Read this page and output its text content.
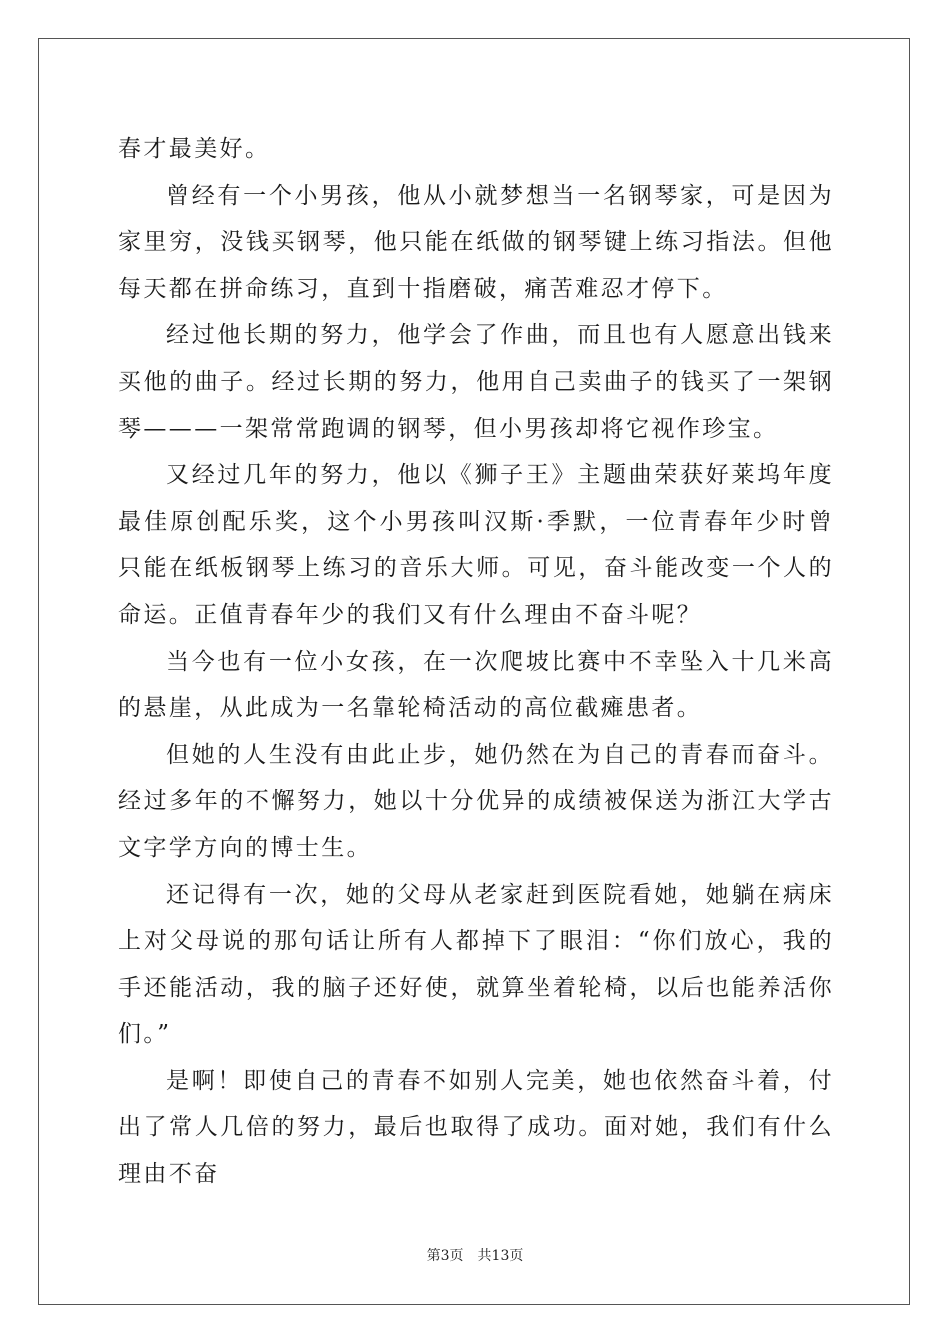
春才最美好。

曾经有一个小男孩，他从小就梦想当一名钢琴家，可是因为家里穷，没钱买钢琴，他只能在纸做的钢琴键上练习指法。但他每天都在拼命练习，直到十指磨破，痛苦难忍才停下。

经过他长期的努力，他学会了作曲，而且也有人愿意出钱来买他的曲子。经过长期的努力，他用自己卖曲子的钱买了一架钢琴———一架常常跑调的钢琴，但小男孩却将它视作珍宝。

又经过几年的努力，他以《狮子王》主题曲荣获好莱坞年度最佳原创配乐奖，这个小男孩叫汉斯·季默，一位青春年少时曾只能在纸板钢琴上练习的音乐大师。可见，奋斗能改变一个人的命运。正值青春年少的我们又有什么理由不奋斗呢？

当今也有一位小女孩，在一次爬坡比赛中不幸坠入十几米高的悬崖，从此成为一名靠轮椅活动的高位截瘫患者。

但她的人生没有由此止步，她仍然在为自己的青春而奋斗。经过多年的不懈努力，她以十分优异的成绩被保送为浙江大学古文字学方向的博士生。

还记得有一次，她的父母从老家赶到医院看她，她躺在病床上对父母说的那句话让所有人都掉下了眼泪：“你们放心，我的手还能活动，我的脑子还好使，就算坐着轮椅，以后也能养活你们。”

是啊！即使自己的青春不如别人完美，她也依然奋斗着，付出了常人几倍的努力，最后也取得了成功。面对她，我们有什么理由不奋

第3页　共13页
